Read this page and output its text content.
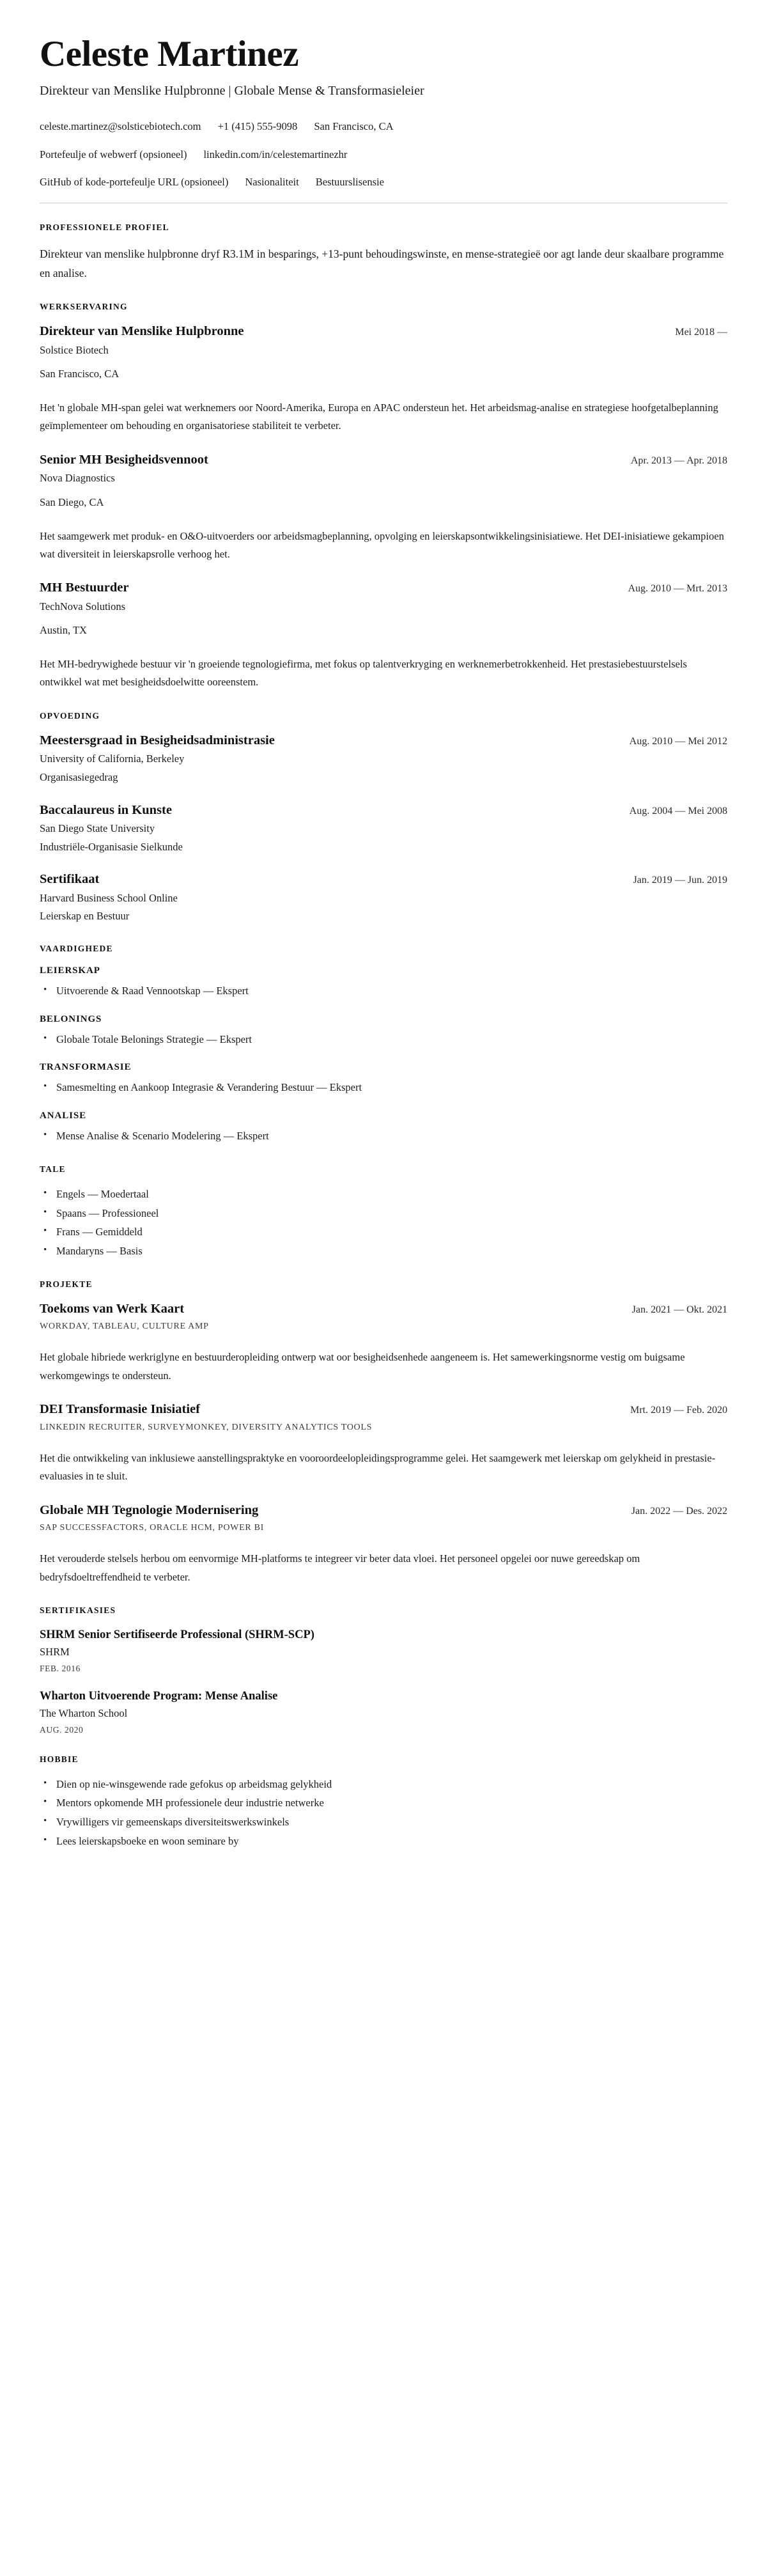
Celeste Martinez
Direkteur van Menslike Hulpbronne | Globale Mense & Transformasieleier
celeste.martinez@solsticebiotech.com +1 (415) 555-9098 San Francisco, CA
Portefeulje of webwerf (opsioneel) linkedin.com/in/celestemartinezhr
GitHub of kode-portefeulje URL (opsioneel) Nasionaliteit Bestuurslisensie
PROFESSIONELE PROFIEL

Direkteur van menslike hulpbronne dryf R3.1M in besparings, +13-punt behoudingswinste, en mense-strategieë oor agt lande deur skaalbare programme en analise.

WERKSERVARING
Direkteur van Menslike Hulpbronne	Mei 2018 —
Solstice Biotech
San Francisco, CA
Het 'n globale MH-span gelei wat werknemers oor Noord-Amerika, Europa en APAC ondersteun het. Het arbeidsmag-analise en strategiese hoofgetalbeplanning geïmplementeer om behouding en organisatoriese stabiliteit te verbeter.
Senior MH Besigheidsvennoot	Apr. 2013 — Apr. 2018
Nova Diagnostics
San Diego, CA
Het saamgewerk met produk- en O&O-uitvoerders oor arbeidsmagbeplanning, opvolging en leierskapsontwikkelingsinisiatiewe. Het DEI-inisiatiewe gekampioen wat diversiteit in leierskapsrolle verhoog het.
MH Bestuurder	Aug. 2010 — Mrt. 2013
TechNova Solutions
Austin, TX
Het MH-bedrywighede bestuur vir 'n groeiende tegnologiefirma, met fokus op talentverkryging en werknemerbetrokkenheid. Het prestasiebestuurstelsels ontwikkel wat met besigheidsdoelwitte ooreenstem.
OPVOEDING
Meestersgraad in Besigheidsadministrasie	Aug. 2010 — Mei 2012
University of California, Berkeley
Organisasiegedrag
Baccalaureus in Kunste	Aug. 2004 — Mei 2008
San Diego State University
Industriële-Organisasie Sielkunde
Sertifikaat	Jan. 2019 — Jun. 2019
Harvard Business School Online
Leierskap en Bestuur
VAARDIGHEDE
LEIERSKAP
• Uitvoerende & Raad Vennootskap — Ekspert
BELONINGS
• Globale Totale Belonings Strategie — Ekspert
TRANSFORMASIE
• Samesmelting en Aankoop Integrasie & Verandering Bestuur — Ekspert
ANALISE
• Mense Analise & Scenario Modelering — Ekspert
TALE
• Engels — Moedertaal
• Spaans — Professioneel
• Frans — Gemiddeld
• Mandaryns — Basis
PROJEKTE
Toekoms van Werk Kaart	Jan. 2021 — Okt. 2021
WORKDAY, TABLEAU, CULTURE AMP
Het globale hibriede werkriglyne en bestuurderopleiding ontwerp wat oor besigheidsenhede aangeneem is. Het samewerkingsnorme vestig om buigsame werkomgewings te ondersteun.
DEI Transformasie Inisiatief	Mrt. 2019 — Feb. 2020
LINKEDIN RECRUITER, SURVEYMONKEY, DIVERSITY ANALYTICS TOOLS
Het die ontwikkeling van inklusiewe aanstellingspraktyke en vooroordeelopleidingsprogramme gelei. Het saamgewerk met leierskap om gelykheid in prestasie-evaluasies in te sluit.
Globale MH Tegnologie Modernisering	Jan. 2022 — Des. 2022
SAP SUCCESSFACTORS, ORACLE HCM, POWER BI
Het verouderde stelsels herbou om eenvormige MH-platforms te integreer vir beter data vloei. Het personeel opgelei oor nuwe gereedskap om bedryfsdoeltreffendheid te verbeter.
SERTIFIKASIES
SHRM Senior Sertifiseerde Professional (SHRM-SCP)
SHRM
FEB. 2016
Wharton Uitvoerende Program: Mense Analise
The Wharton School
AUG. 2020
HOBBIE
• Dien op nie-winsgewende rade gefokus op arbeidsmag gelykheid
• Mentors opkomende MH professionele deur industrie netwerke
• Vrywilligers vir gemeenskaps diversiteitswerkswinkels
• Lees leierskapsboeke en woon seminare by
